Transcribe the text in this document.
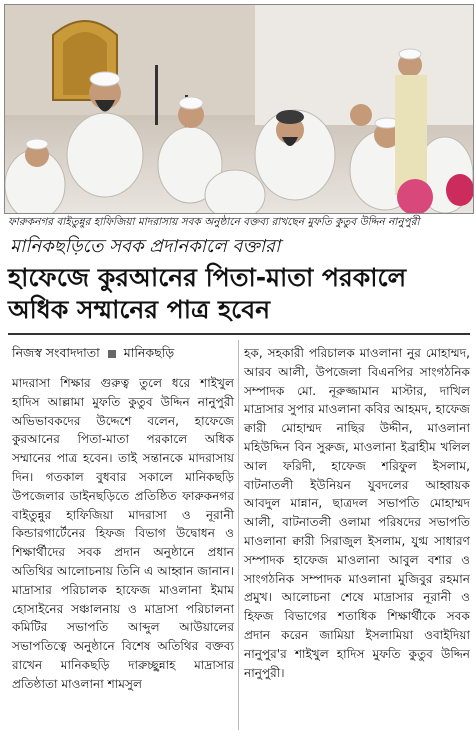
ফারুকনগর বাইতুন্নুর হাফিজিয়া মাদরাসায় সবক অনুষ্ঠানে বক্তব্য রাখছেন মুফতি কুতুব উদ্দিন নানুপুরী
মানিকছড়িতে সবক প্রদানকালে বক্তারা
হাফেজে কুরআনের পিতা-মাতা পরকালে অধিক সম্মানের পাত্র হবেন
নিজস্ব সংবাদদাতা মানিকছড়ি

মাদরাসা শিক্ষার গুরুত্ব তুলে ধরে শাইখুল হাদিস আল্লামা মুফতি কুতুব উদ্দিন নানুপুরী অভিভাবকদের উদ্দেশে বলেন, হাফেজে কুরআনের পিতা-মাতা পরকালে অধিক সম্মানের পাত্র হবেন। তাই সন্তানকে মাদরাসায় দিন। গতকাল বুধবার সকালে মানিকছড়ি উপজেলার ডাইনছড়িতে প্রতিষ্ঠিত ফারুকনগর বাইতুন্নুর হাফিজিয়া মাদরাসা ও নূরানী কিন্ডারগার্টেনের হিফজ বিভাগ উদ্বোধন ও শিক্ষার্থীদের সবক প্রদান অনুষ্ঠানে প্রধান অতিথির আলোচনায় তিনি এ আহ্বান জানান। মাদ্রাসার পরিচালক হাফেজ মাওলানা ইমাম হোসাইনের সঞ্চালনায় ও মাদ্রাসা পরিচালনা কমিটির সভাপতি আব্দুল আউয়ালের সভাপতিত্বে অনুষ্ঠানে বিশেষ অতিথির বক্তব্য রাখেন মানিকছড়ি দারুচ্ছুন্নাহ মাদ্রাসার প্রতিষ্ঠাতা মাওলানা শামসুল

হক, সহকারী পরিচালক মাওলানা নুর মোহাম্মদ, আরব আলী, উপজেলা বিএনপির সাংগঠনিক সম্পাদক মো. নূরুজ্জামান মাস্টার, দাখিল মাদ্রাসার সুপার মাওলানা কবির আহমদ, হাফেজ ক্বারী মোহাম্মদ নাছির উদ্দীন, মাওলানা মহিউদ্দিন বিন সুরুজ, মাওলানা ইব্রাহীম খলিল আল ফরিদী, হাফেজ শরিফুল ইসলাম, বাটনাতলী ইউনিয়ন যুবদলের আহ্বায়ক আবদুল মান্নান, ছাত্রদল সভাপতি মোহাম্মদ আলী, বাটনাতলী ওলামা পরিষদের সভাপতি মাওলানা ক্বারী সিরাজুল ইসলাম, যুগ্ম সাধারণ সম্পাদক হাফেজ মাওলানা আবুল বশার ও সাংগঠনিক সম্পাদক মাওলানা মুজিবুর রহমান প্রমুখ। আলোচনা শেষে মাদ্রাসার নূরানী ও হিফজ বিভাগের শতাধিক শিক্ষার্থীকে সবক প্রদান করেন জামিয়া ইসলামিয়া ওবাইদিয়া নানুপুর'র শাইখুল হাদিস মুফতি কুতুব উদ্দিন নানুপুরী।
